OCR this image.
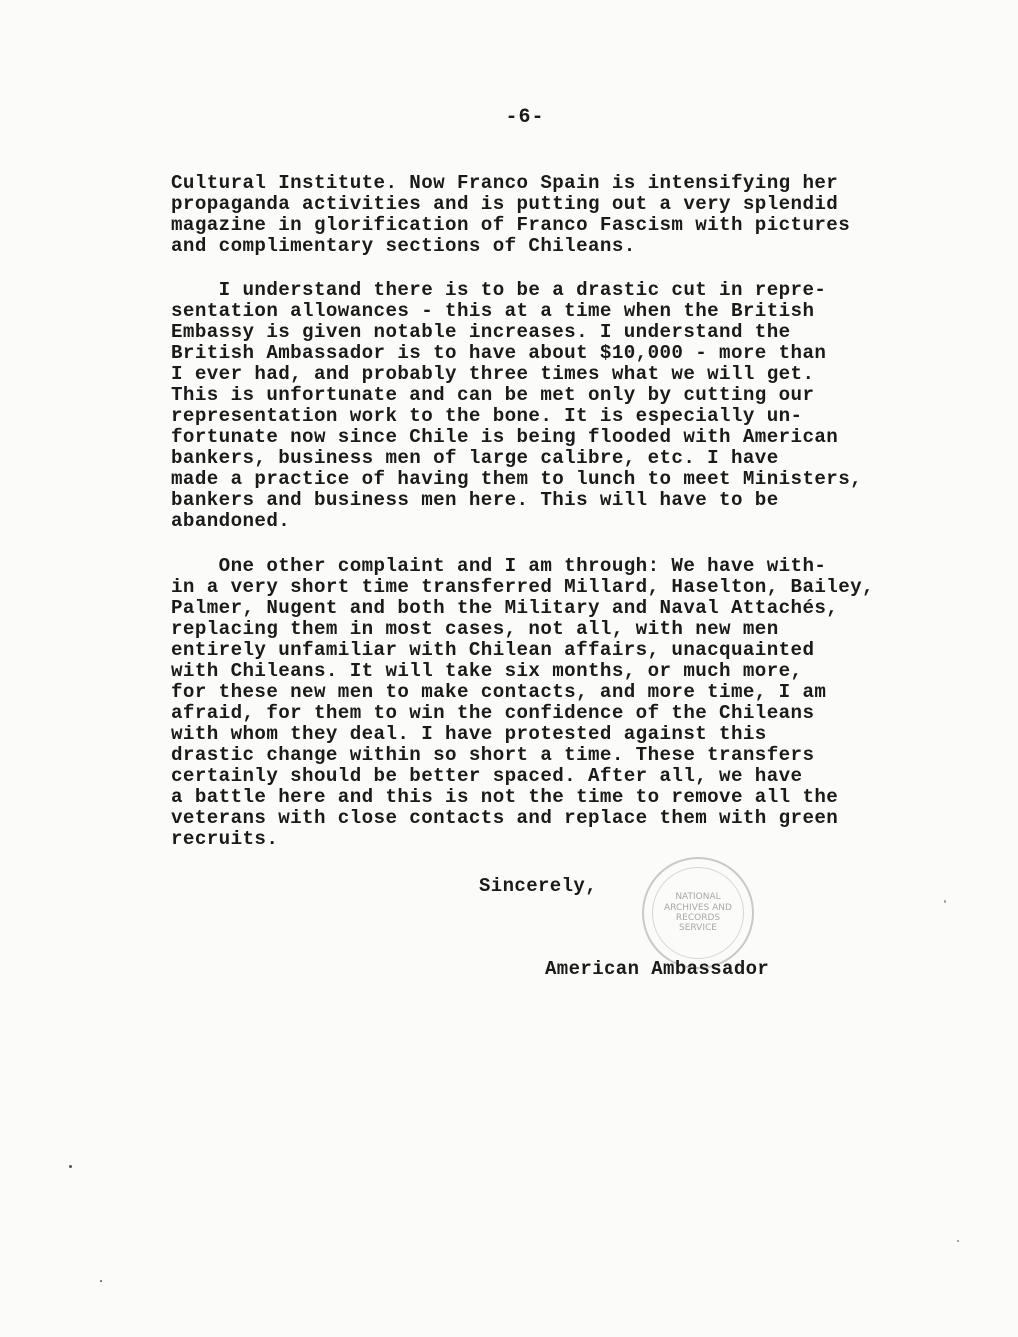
-6-
Cultural Institute. Now Franco Spain is intensifying her
propaganda activities and is putting out a very splendid
magazine in glorification of Franco Fascism with pictures
and complimentary sections of Chileans.
I understand there is to be a drastic cut in repre-
sentation allowances - this at a time when the British
Embassy is given notable increases. I understand the
British Ambassador is to have about $10,000 - more than
I ever had, and probably three times what we will get.
This is unfortunate and can be met only by cutting our
representation work to the bone. It is especially un-
fortunate now since Chile is being flooded with American
bankers, business men of large calibre, etc. I have
made a practice of having them to lunch to meet Ministers,
bankers and business men here. This will have to be
abandoned.
One other complaint and I am through: We have with-
in a very short time transferred Millard, Haselton, Bailey,
Palmer, Nugent and both the Military and Naval Attachés,
replacing them in most cases, not all, with new men
entirely unfamiliar with Chilean affairs, unacquainted
with Chileans. It will take six months, or much more,
for these new men to make contacts, and more time, I am
afraid, for them to win the confidence of the Chileans
with whom they deal. I have protested against this
drastic change within so short a time. These transfers
certainly should be better spaced. After all, we have
a battle here and this is not the time to remove all the
veterans with close contacts and replace them with green
recruits.
Sincerely,
NATIONAL
ARCHIVES AND
RECORDS
SERVICE
American Ambassador
